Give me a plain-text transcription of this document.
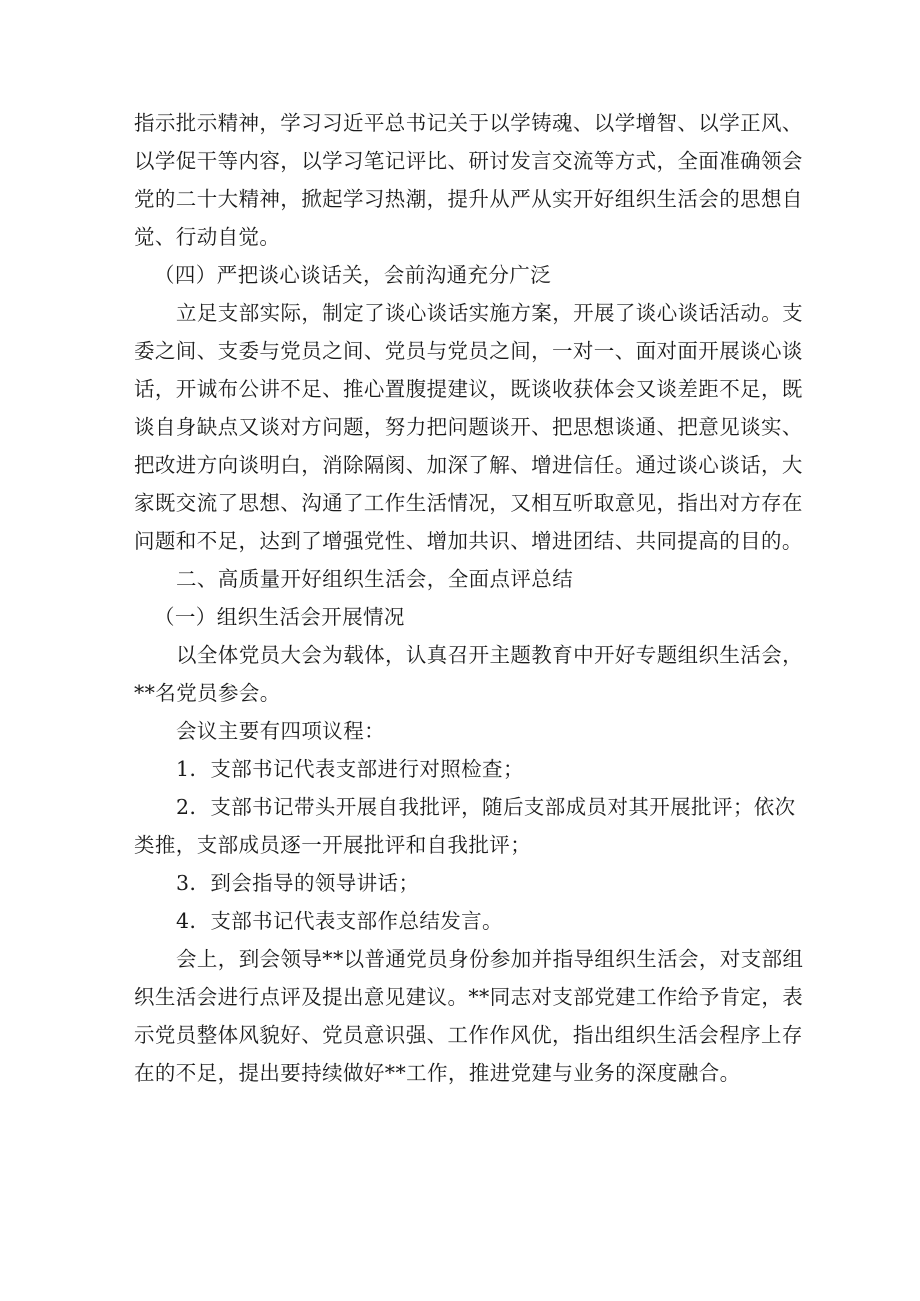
指示批示精神，学习习近平总书记关于以学铸魂、以学增智、以学正风、
以学促干等内容，以学习笔记评比、研讨发言交流等方式，全面准确领会
党的二十大精神，掀起学习热潮，提升从严从实开好组织生活会的思想自
觉、行动自觉。
（四）严把谈心谈话关，会前沟通充分广泛
立足支部实际，制定了谈心谈话实施方案，开展了谈心谈话活动。支
委之间、支委与党员之间、党员与党员之间，一对一、面对面开展谈心谈
话，开诚布公讲不足、推心置腹提建议，既谈收获体会又谈差距不足，既
谈自身缺点又谈对方问题，努力把问题谈开、把思想谈通、把意见谈实、
把改进方向谈明白，消除隔阂、加深了解、增进信任。通过谈心谈话，大
家既交流了思想、沟通了工作生活情况，又相互听取意见，指出对方存在
问题和不足，达到了增强党性、增加共识、增进团结、共同提高的目的。
二、高质量开好组织生活会，全面点评总结
（一）组织生活会开展情况
以全体党员大会为载体，认真召开主题教育中开好专题组织生活会，
**名党员参会。
会议主要有四项议程：
1．支部书记代表支部进行对照检查；
2．支部书记带头开展自我批评，随后支部成员对其开展批评；依次
类推，支部成员逐一开展批评和自我批评；
3．到会指导的领导讲话；
4．支部书记代表支部作总结发言。
会上，到会领导**以普通党员身份参加并指导组织生活会，对支部组
织生活会进行点评及提出意见建议。**同志对支部党建工作给予肯定，表
示党员整体风貌好、党员意识强、工作作风优，指出组织生活会程序上存
在的不足，提出要持续做好**工作，推进党建与业务的深度融合。
